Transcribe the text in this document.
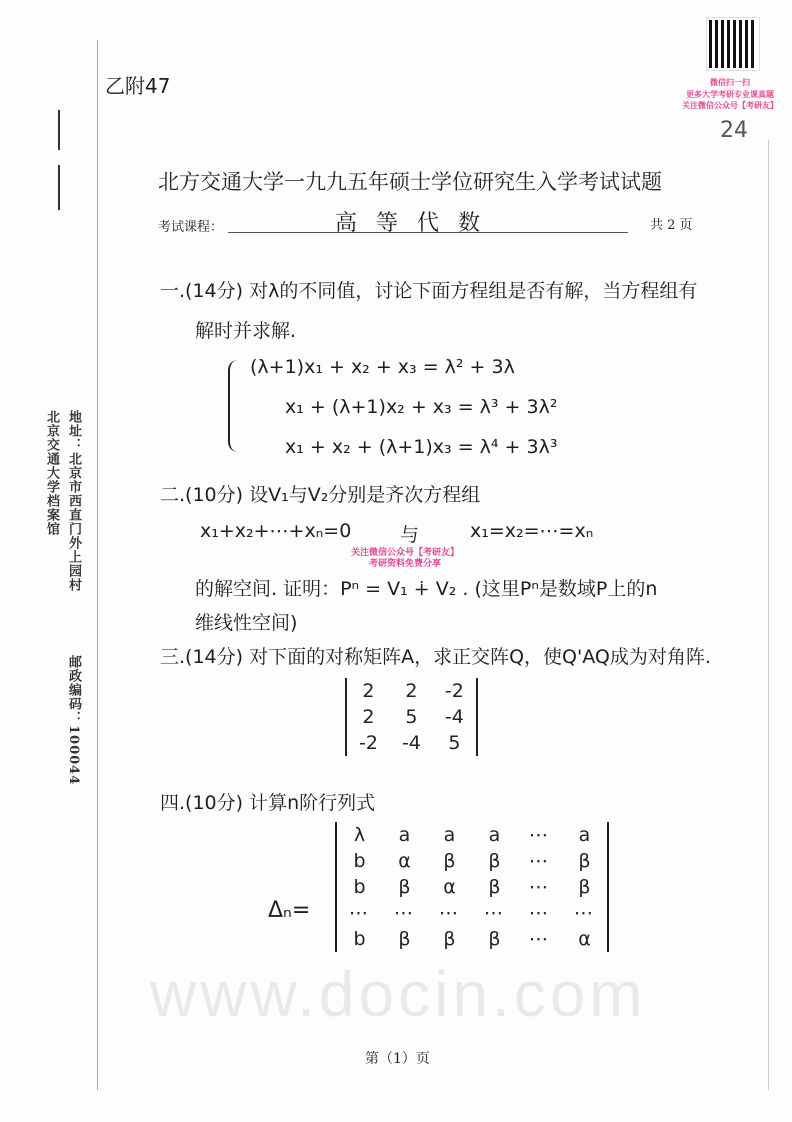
乙附47	微信扫一扫
更多大学考研专业课真题
关注微信公众号【考研友】
24
北方交通大学一九九五年硕士学位研究生入学考试试题
考试课程：	高 等 代 数	共 2 页
地址：北京市西直门外上园村
北京交通大学档案馆
邮政编码：100044
一.(14分) 对λ的不同值，讨论下面方程组是否有解，当方程组有
解时并求解.
(λ+1)x₁ + x₂ + x₃ = λ² + 3λ
x₁ + (λ+1)x₂ + x₃ = λ³ + 3λ²
x₁ + x₂ + (λ+1)x₃ = λ⁴ + 3λ³
二.(10分) 设V₁与V₂分别是齐次方程组
x₁+x₂+⋯+xₙ=0	与	x₁=x₂=⋯=xₙ
关注微信公众号【考研友】
考研资料免费分享
的解空间. 证明：Pⁿ = V₁ ∔ V₂ . (这里Pⁿ是数域P上的n
维线性空间)
三.(14分) 对下面的对称矩阵A，求正交阵Q，使Q'AQ成为对角阵.
2	2	-2
2	5	-4
-2	-4	5
四.(10分) 计算n阶行列式
Δₙ=
λ	a	a	a	⋯	a
b	α	β	β	⋯	β
b	β	α	β	⋯	β
⋯	⋯	⋯	⋯	⋯	⋯
b	β	β	β	⋯	α
www.docin.com
第（1）页
